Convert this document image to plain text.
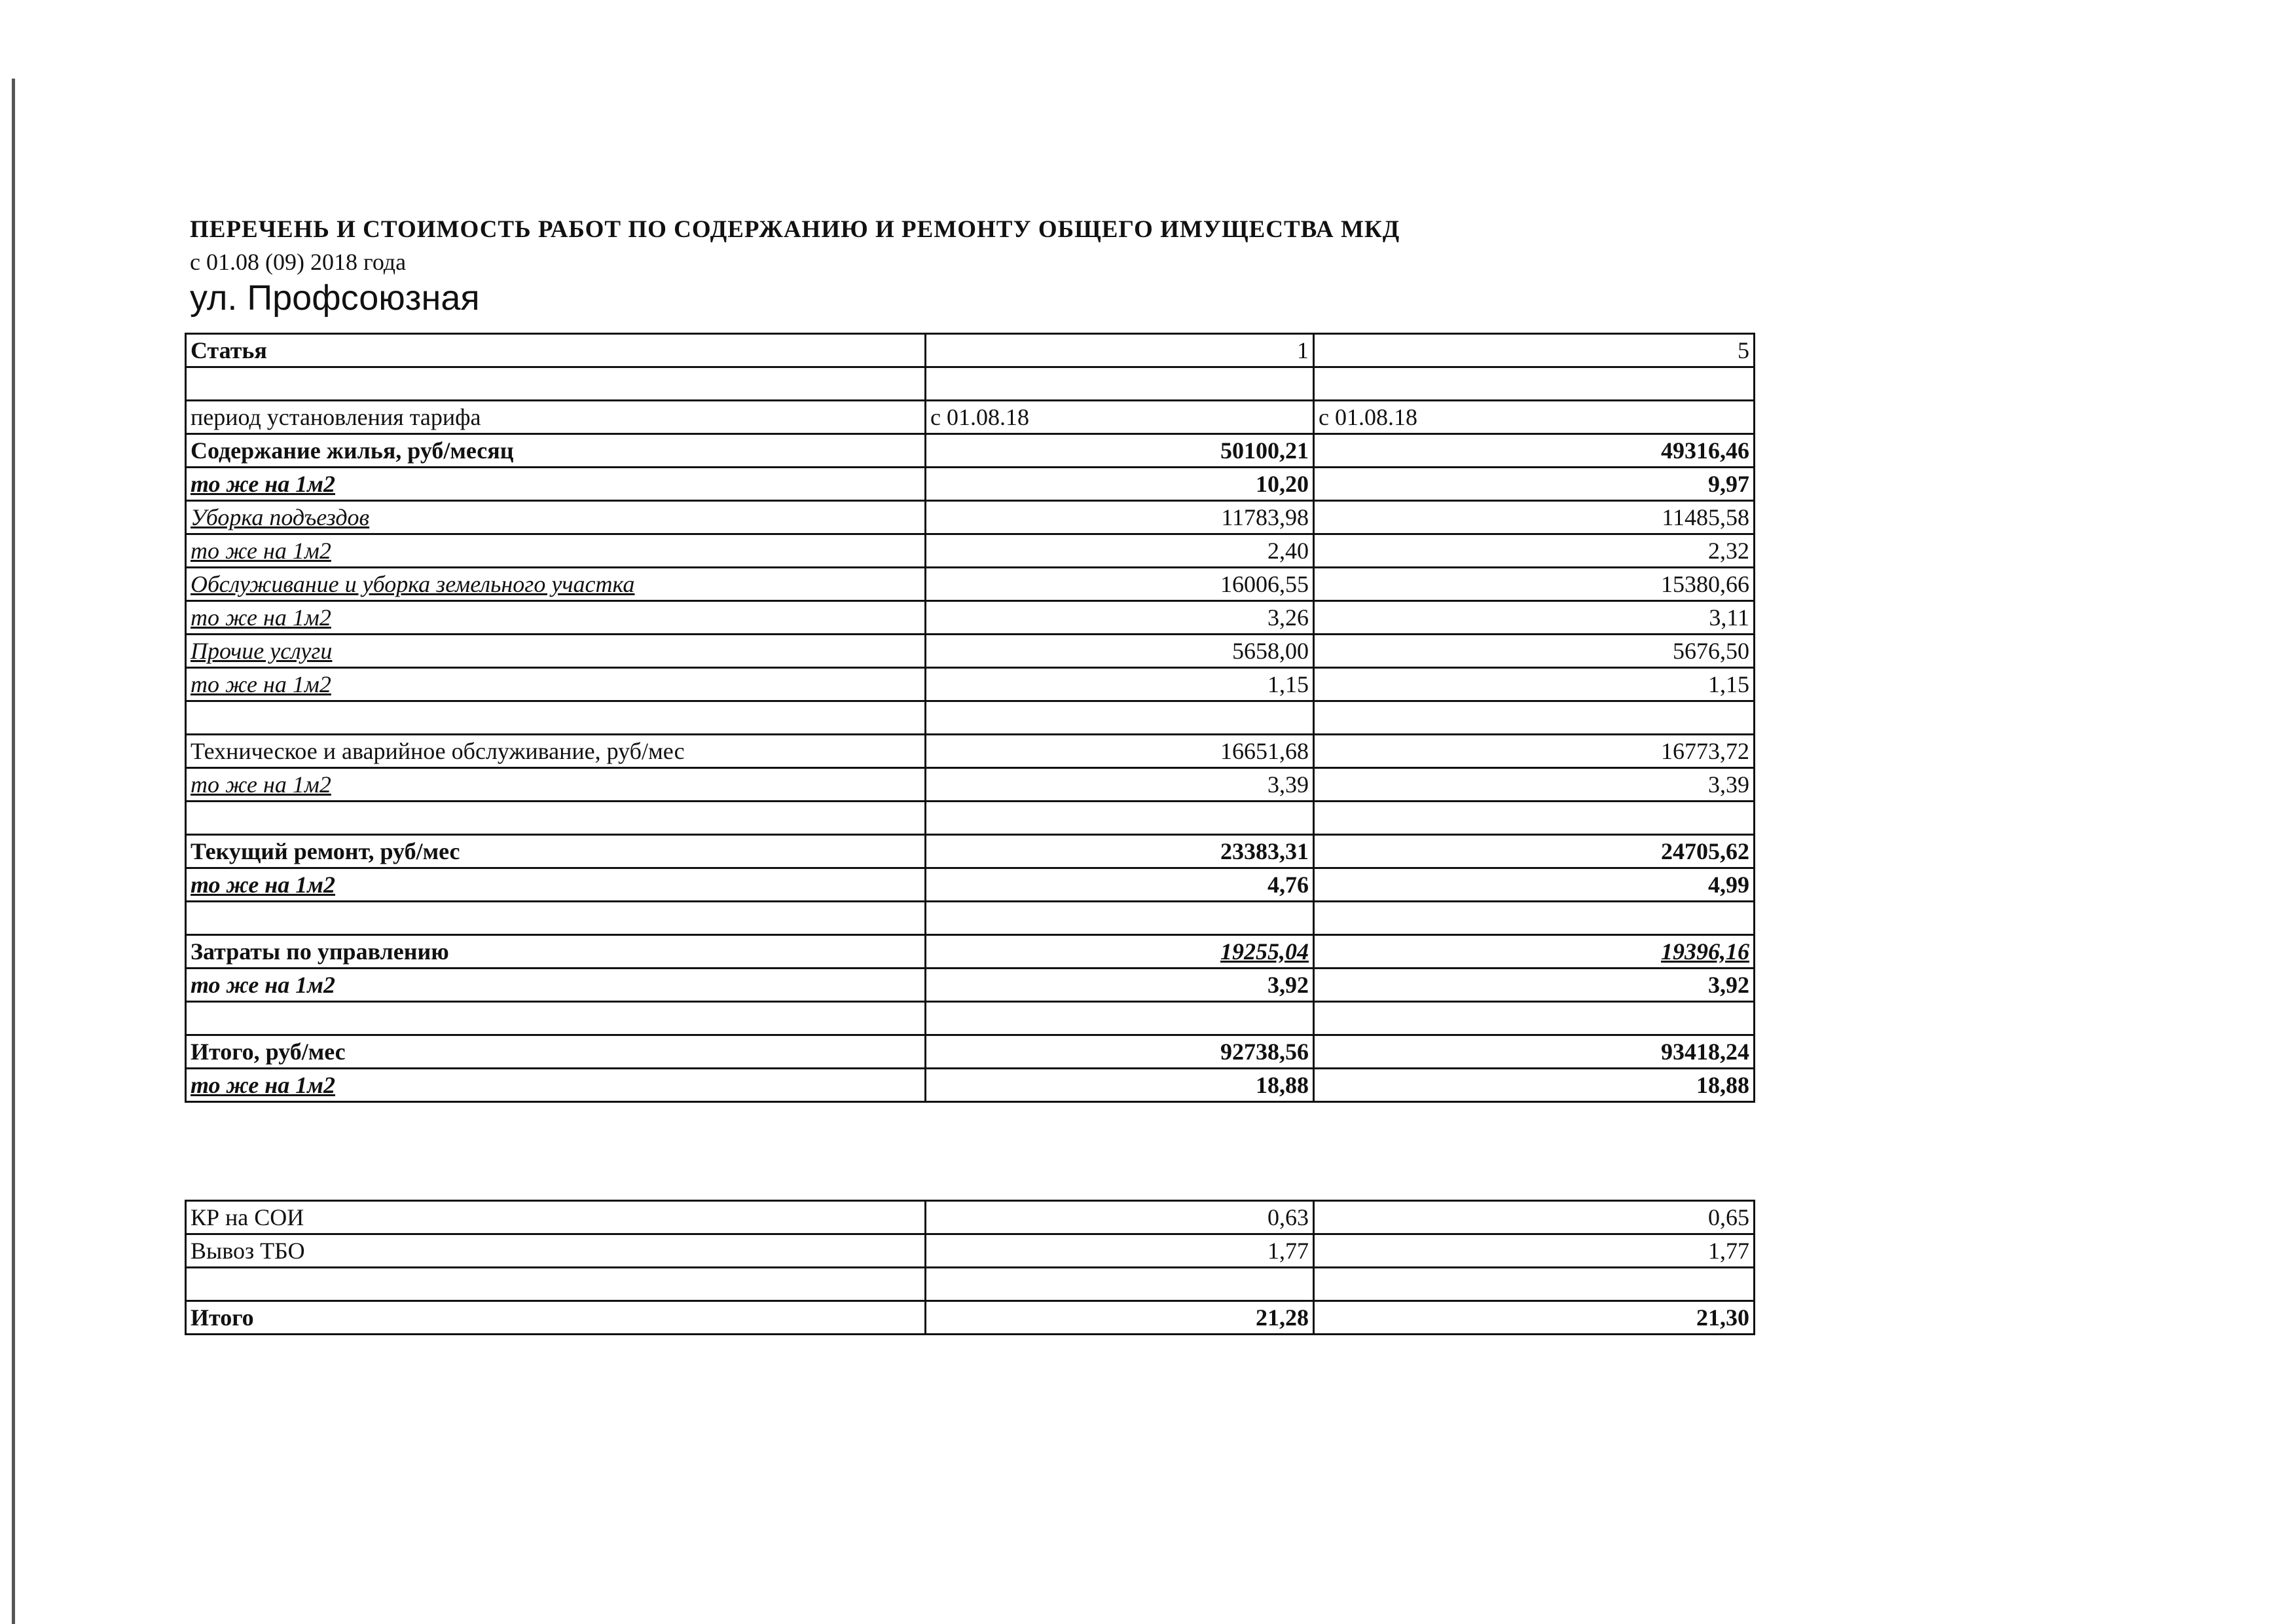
ПЕРЕЧЕНЬ И СТОИМОСТЬ РАБОТ ПО СОДЕРЖАНИЮ И РЕМОНТУ ОБЩЕГО ИМУЩЕСТВА МКД
с 01.08 (09) 2018 года
ул. Профсоюзная
Статья	1	5

период установления тарифа	с 01.08.18	с 01.08.18
Содержание жилья, руб/месяц	50100,21	49316,46
то же на 1м2	10,20	9,97
Уборка подъездов	11783,98	11485,58
то же на 1м2	2,40	2,32
Обслуживание и уборка земельного участка	16006,55	15380,66
то же на 1м2	3,26	3,11
Прочие услуги	5658,00	5676,50
то же на 1м2	1,15	1,15

Техническое и аварийное обслуживание, руб/мес	16651,68	16773,72
то же на 1м2	3,39	3,39

Текущий ремонт, руб/мес	23383,31	24705,62
то же на 1м2	4,76	4,99

Затраты по управлению	19255,04	19396,16
то же на 1м2	3,92	3,92

Итого, руб/мес	92738,56	93418,24
то же на 1м2	18,88	18,88
КР на СОИ	0,63	0,65
Вывоз ТБО	1,77	1,77

Итого	21,28	21,30
